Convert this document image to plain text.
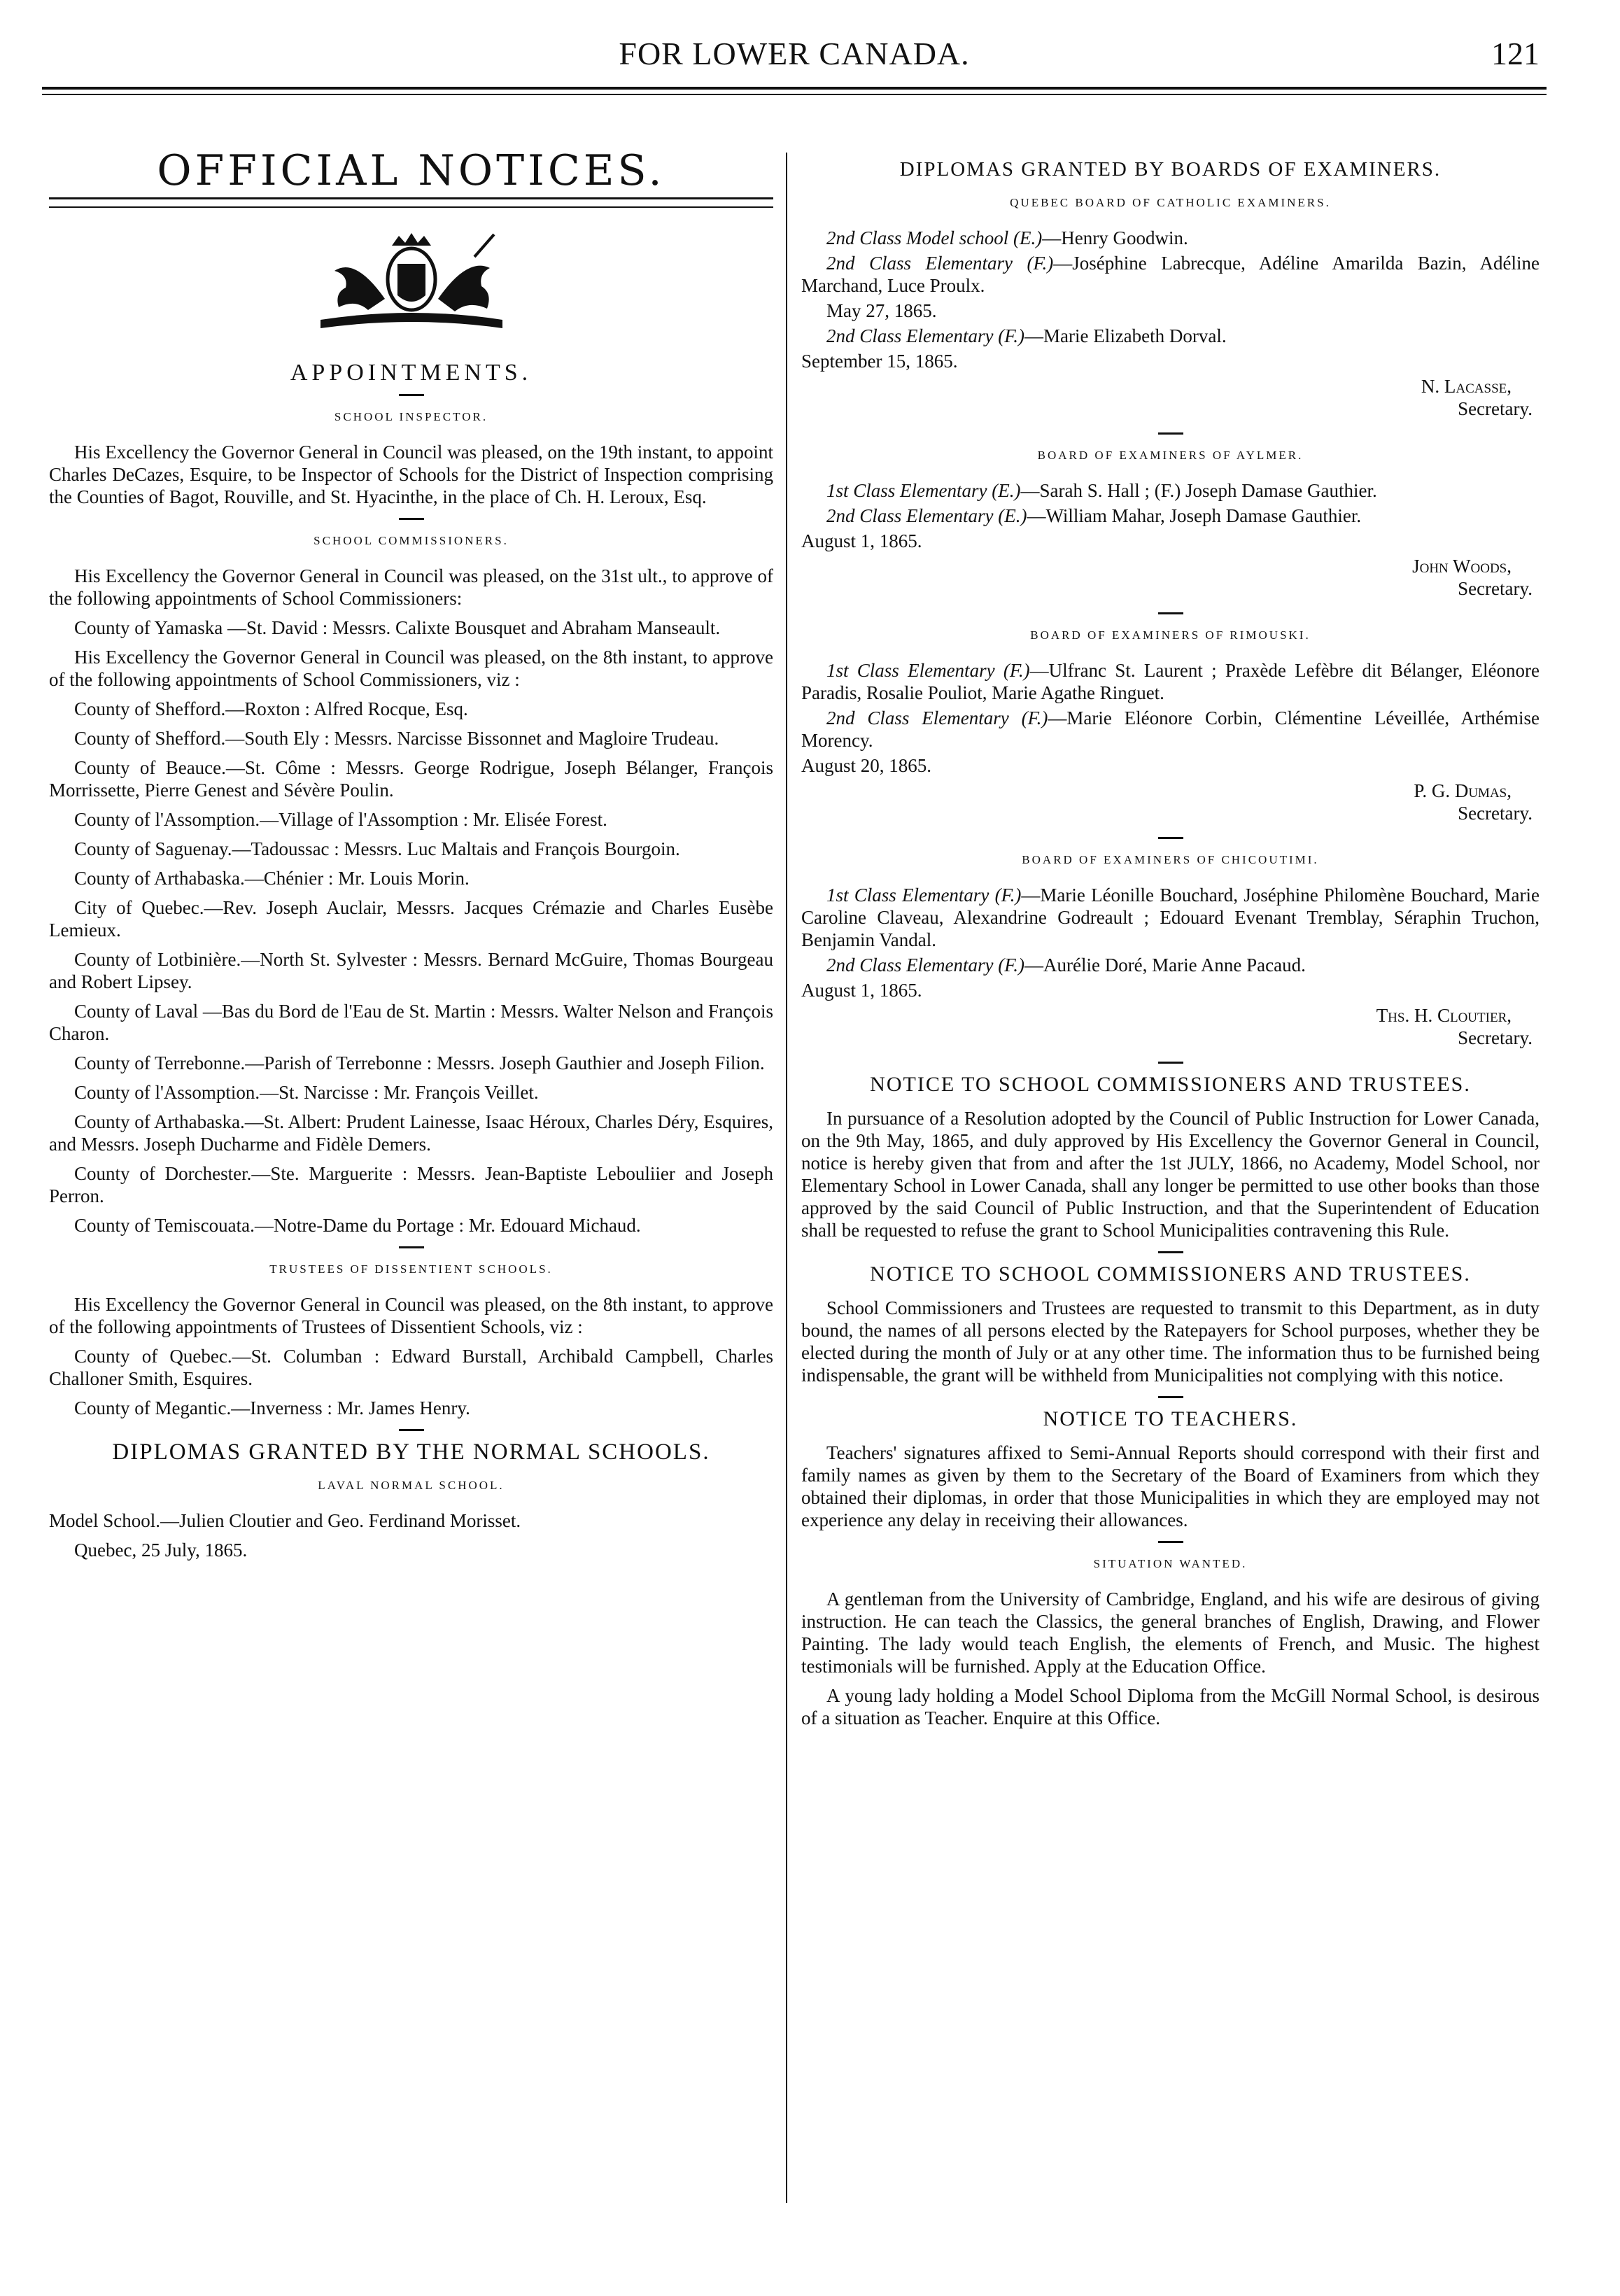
FOR LOWER CANADA.	121
OFFICIAL NOTICES.
APPOINTMENTS.
SCHOOL INSPECTOR.

His Excellency the Governor General in Council was pleased, on the 19th instant, to appoint Charles DeCazes, Esquire, to be Inspector of Schools for the District of Inspection comprising the Counties of Bagot, Rouville, and St. Hyacinthe, in the place of Ch. H. Leroux, Esq.

SCHOOL COMMISSIONERS.

His Excellency the Governor General in Council was pleased, on the 31st ult., to approve of the following appointments of School Commissioners:

County of Yamaska —St. David : Messrs. Calixte Bousquet and Abraham Manseault.

His Excellency the Governor General in Council was pleased, on the 8th instant, to approve of the following appointments of School Commissioners, viz :

County of Shefford.—Roxton : Alfred Rocque, Esq.

County of Shefford.—South Ely : Messrs. Narcisse Bissonnet and Magloire Trudeau.

County of Beauce.—St. Côme : Messrs. George Rodrigue, Joseph Bélanger, François Morrissette, Pierre Genest and Sévère Poulin.

County of l'Assomption.—Village of l'Assomption : Mr. Elisée Forest.

County of Saguenay.—Tadoussac : Messrs. Luc Maltais and François Bourgoin.

County of Arthabaska.—Chénier : Mr. Louis Morin.

City of Quebec.—Rev. Joseph Auclair, Messrs. Jacques Crémazie and Charles Eusèbe Lemieux.

County of Lotbinière.—North St. Sylvester : Messrs. Bernard McGuire, Thomas Bourgeau and Robert Lipsey.

County of Laval —Bas du Bord de l'Eau de St. Martin : Messrs. Walter Nelson and François Charon.

County of Terrebonne.—Parish of Terrebonne : Messrs. Joseph Gauthier and Joseph Filion.

County of l'Assomption.—St. Narcisse : Mr. François Veillet.

County of Arthabaska.—St. Albert: Prudent Lainesse, Isaac Héroux, Charles Déry, Esquires, and Messrs. Joseph Ducharme and Fidèle Demers.

County of Dorchester.—Ste. Marguerite : Messrs. Jean-Baptiste Lebouliier and Joseph Perron.

County of Temiscouata.—Notre-Dame du Portage : Mr. Edouard Michaud.

TRUSTEES OF DISSENTIENT SCHOOLS.

His Excellency the Governor General in Council was pleased, on the 8th instant, to approve of the following appointments of Trustees of Dissentient Schools, viz :

County of Quebec.—St. Columban : Edward Burstall, Archibald Campbell, Charles Challoner Smith, Esquires.

County of Megantic.—Inverness : Mr. James Henry.

DIPLOMAS GRANTED BY THE NORMAL SCHOOLS.
LAVAL NORMAL SCHOOL.

Model School.—Julien Cloutier and Geo. Ferdinand Morisset.

Quebec, 25 July, 1865.

DIPLOMAS GRANTED BY BOARDS OF EXAMINERS.
QUEBEC BOARD OF CATHOLIC EXAMINERS.
2nd Class Model school (E.)—Henry Goodwin.
2nd Class Elementary (F.)—Joséphine Labrecque, Adéline Amarilda Bazin, Adéline Marchand, Luce Proulx.
May 27, 1865.
2nd Class Elementary (F.)—Marie Elizabeth Dorval.

September 15, 1865.

N. Lacasse,

Secretary.

BOARD OF EXAMINERS OF AYLMER.
1st Class Elementary (E.)—Sarah S. Hall ; (F.) Joseph Damase Gauthier.
2nd Class Elementary (E.)—William Mahar, Joseph Damase Gauthier.

August 1, 1865.

John Woods,

Secretary.

BOARD OF EXAMINERS OF RIMOUSKI.
1st Class Elementary (F.)—Ulfranc St. Laurent ; Praxède Lefèbre dit Bélanger, Eléonore Paradis, Rosalie Pouliot, Marie Agathe Ringuet.
2nd Class Elementary (F.)—Marie Eléonore Corbin, Clémentine Léveillée, Arthémise Morency.

August 20, 1865.

P. G. Dumas,

Secretary.

BOARD OF EXAMINERS OF CHICOUTIMI.
1st Class Elementary (F.)—Marie Léonille Bouchard, Joséphine Philomène Bouchard, Marie Caroline Claveau, Alexandrine Godreault ; Edouard Evenant Tremblay, Séraphin Truchon, Benjamin Vandal.
2nd Class Elementary (F.)—Aurélie Doré, Marie Anne Pacaud.

August 1, 1865.

Ths. H. Cloutier,

Secretary.

NOTICE TO SCHOOL COMMISSIONERS AND TRUSTEES.

In pursuance of a Resolution adopted by the Council of Public Instruction for Lower Canada, on the 9th May, 1865, and duly approved by His Excellency the Governor General in Council, notice is hereby given that from and after the 1st JULY, 1866, no Academy, Model School, nor Elementary School in Lower Canada, shall any longer be permitted to use other books than those approved by the said Council of Public Instruction, and that the Superintendent of Education shall be requested to refuse the grant to School Municipalities contravening this Rule.

NOTICE TO SCHOOL COMMISSIONERS AND TRUSTEES.

School Commissioners and Trustees are requested to transmit to this Department, as in duty bound, the names of all persons elected by the Ratepayers for School purposes, whether they be elected during the month of July or at any other time. The information thus to be furnished being indispensable, the grant will be withheld from Municipalities not complying with this notice.

NOTICE TO TEACHERS.

Teachers' signatures affixed to Semi-Annual Reports should correspond with their first and family names as given by them to the Secretary of the Board of Examiners from which they obtained their diplomas, in order that those Municipalities in which they are employed may not experience any delay in receiving their allowances.

SITUATION WANTED.

A gentleman from the University of Cambridge, England, and his wife are desirous of giving instruction. He can teach the Classics, the general branches of English, Drawing, and Flower Painting. The lady would teach English, the elements of French, and Music. The highest testimonials will be furnished. Apply at the Education Office.

A young lady holding a Model School Diploma from the McGill Normal School, is desirous of a situation as Teacher. Enquire at this Office.
